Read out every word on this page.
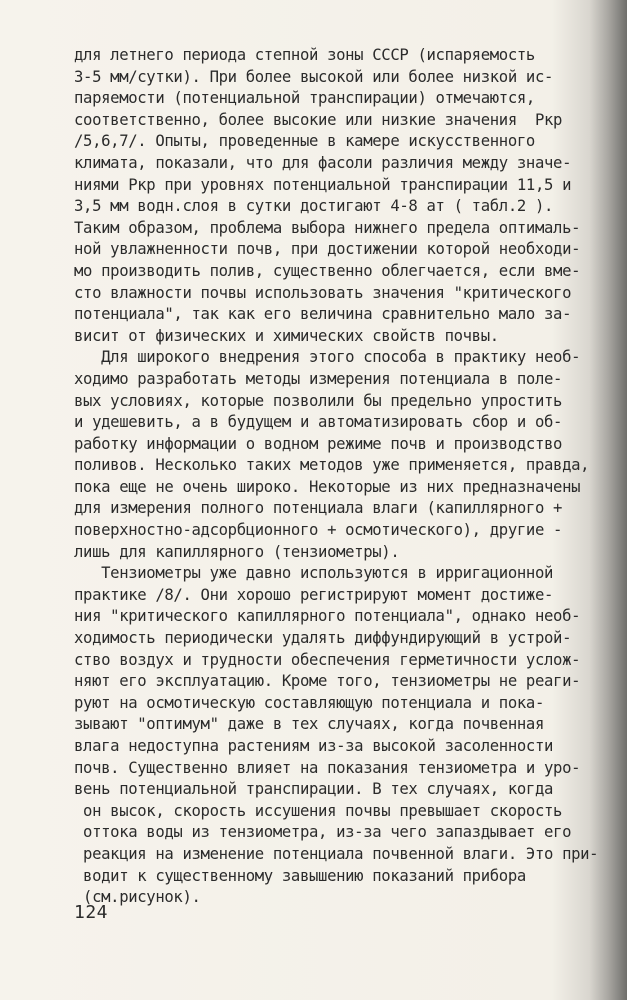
для летнего периода степной зоны СССР (испаряемость
3-5 мм/сутки). При более высокой или более низкой ис-
паряемости (потенциальной транспирации) отмечаются,
соответственно, более высокие или низкие значения  Pкр
/5,6,7/. Опыты, проведенные в камере искусственного
климата, показали, что для фасоли различия между значе-
ниями Pкр при уровнях потенциальной транспирации 11,5 и
3,5 мм водн.слоя в сутки достигают 4-8 ат ( табл.2 ).
Таким образом, проблема выбора нижнего предела оптималь-
ной увлажненности почв, при достижении которой необходи-
мо производить полив, существенно облегчается, если вме-
сто влажности почвы использовать значения "критического
потенциала", так как его величина сравнительно мало за-
висит от физических и химических свойств почвы.
Для широкого внедрения этого способа в практику необ-
ходимо разработать методы измерения потенциала в поле-
вых условиях, которые позволили бы предельно упростить
и удешевить, а в будущем и автоматизировать сбор и об-
работку информации о водном режиме почв и производство
поливов. Несколько таких методов уже применяется, правда,
пока еще не очень широко. Некоторые из них предназначены
для измерения полного потенциала влаги (капиллярного +
поверхностно-адсорбционного + осмотического), другие -
лишь для капиллярного (тензиометры).
Тензиометры уже давно используются в ирригационной
практике /8/. Они хорошо регистрируют момент достиже-
ния "критического капиллярного потенциала", однако необ-
ходимость периодически удалять диффундирующий в устрой-
ство воздух и трудности обеспечения герметичности услож-
няют его эксплуатацию. Кроме того, тензиометры не реаги-
руют на осмотическую составляющую потенциала и пока-
зывают "оптимум" даже в тех случаях, когда почвенная
влага недоступна растениям из-за высокой засоленности
почв. Существенно влияет на показания тензиометра и уро-
вень потенциальной транспирации. В тех случаях, когда
он высок, скорость иссушения почвы превышает скорость
оттока воды из тензиометра, из-за чего запаздывает его
реакция на изменение потенциала почвенной влаги. Это при-
водит к существенному завышению показаний прибора
(см.рисунок).
124
